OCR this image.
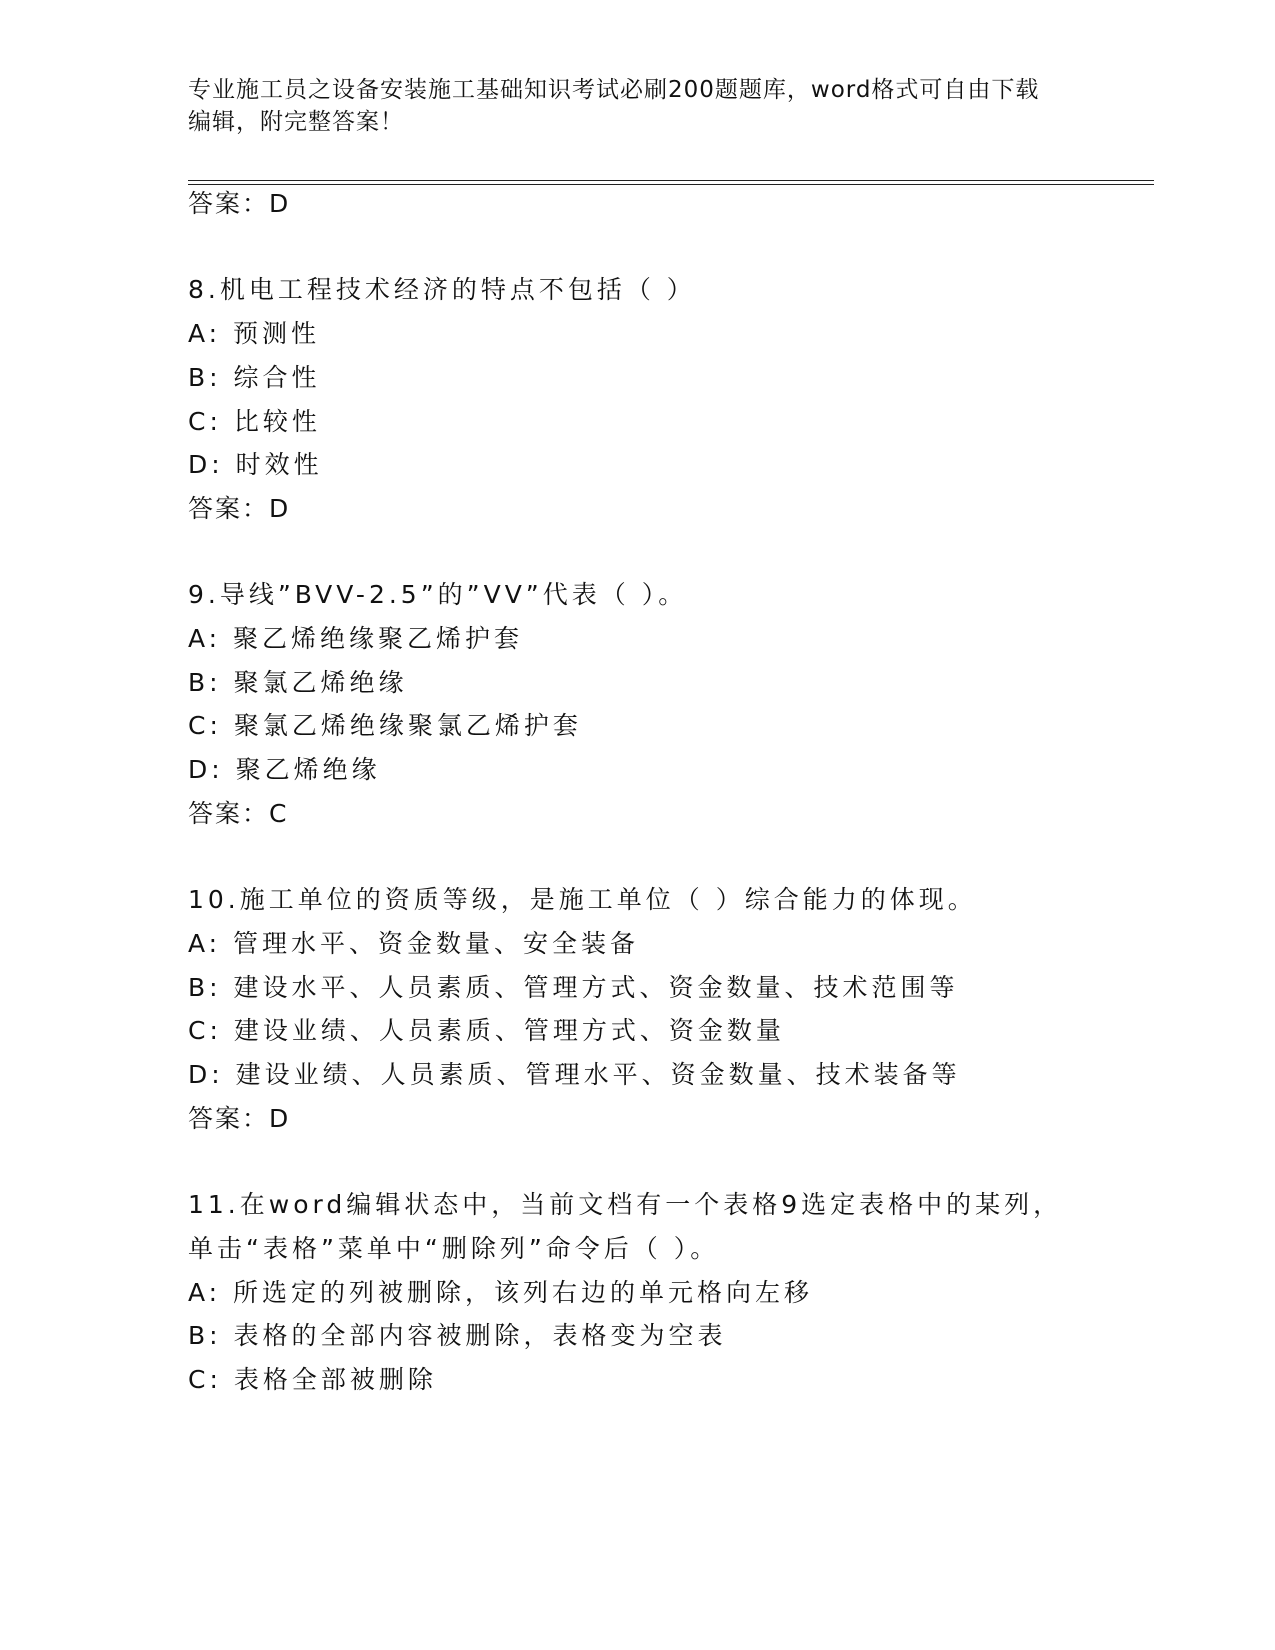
专业施工员之设备安装施工基础知识考试必刷200题题库，word格式可自由下载
编辑，附完整答案！
答案：D
8.机电工程技术经济的特点不包括（ ）
A: 预测性
B: 综合性
C: 比较性
D: 时效性
答案：D
9.导线”BVV-2.5”的”VV”代表（ ）。
A: 聚乙烯绝缘聚乙烯护套
B: 聚氯乙烯绝缘
C: 聚氯乙烯绝缘聚氯乙烯护套
D: 聚乙烯绝缘
答案：C
10.施工单位的资质等级，是施工单位（ ）综合能力的体现。
A: 管理水平、资金数量、安全装备
B: 建设水平、人员素质、管理方式、资金数量、技术范围等
C: 建设业绩、人员素质、管理方式、资金数量
D: 建设业绩、人员素质、管理水平、资金数量、技术装备等
答案：D
11.在word编辑状态中，当前文档有一个表格9选定表格中的某列，
单击“表格”菜单中“删除列”命令后（ ）。
A: 所选定的列被删除，该列右边的单元格向左移
B: 表格的全部内容被删除，表格变为空表
C: 表格全部被删除
